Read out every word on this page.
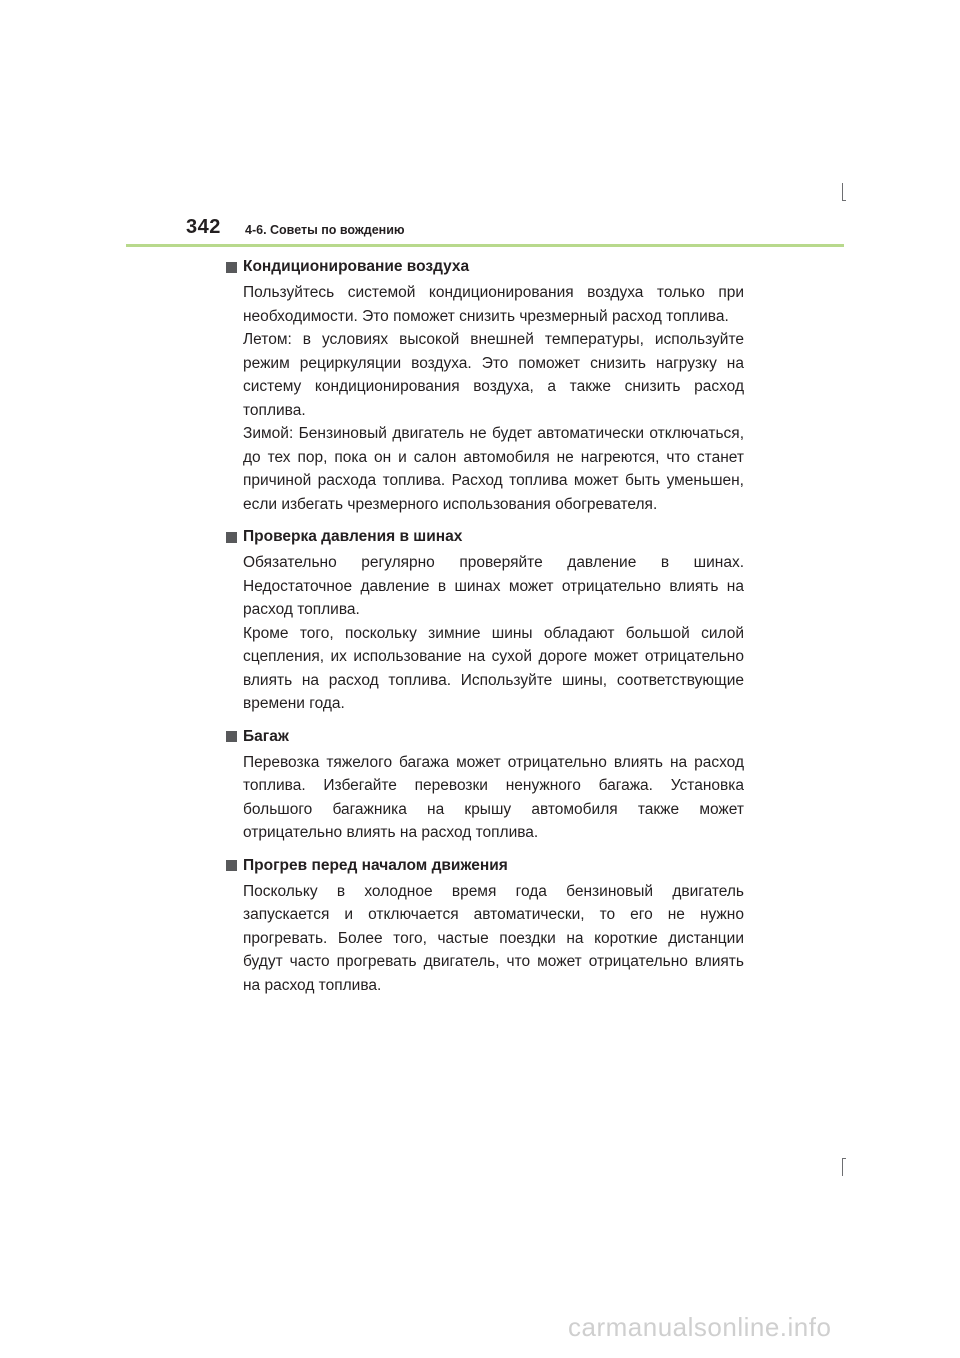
342 4-6. Советы по вождению
Кондиционирование воздуха

Пользуйтесь системой кондиционирования воздуха только при необходимости. Это поможет снизить чрезмерный расход топлива.

Летом: в условиях высокой внешней температуры, используйте режим рециркуляции воздуха. Это поможет снизить нагрузку на систему кондиционирования воздуха, а также снизить расход топлива.

Зимой: Бензиновый двигатель не будет автоматически отключаться, до тех пор, пока он и салон автомобиля не нагреются, что станет причиной расхода топлива. Расход топлива может быть уменьшен, если избегать чрезмерного использования обогревателя.

Проверка давления в шинах

Обязательно регулярно проверяйте давление в шинах. Недостаточное давление в шинах может отрицательно влиять на расход топлива.

Кроме того, поскольку зимние шины обладают большой силой сцепления, их использование на сухой дороге может отрицательно влиять на расход топлива. Используйте шины, соответствующие времени года.

Багаж

Перевозка тяжелого багажа может отрицательно влиять на расход топлива. Избегайте перевозки ненужного багажа. Установка большого багажника на крышу автомобиля также может отрицательно влиять на расход топлива.

Прогрев перед началом движения

Поскольку в холодное время года бензиновый двигатель запускается и отключается автоматически, то его не нужно прогревать. Более того, частые поездки на короткие дистанции будут часто прогревать двигатель, что может отрицательно влиять на расход топлива.

carmanualsonline.info
